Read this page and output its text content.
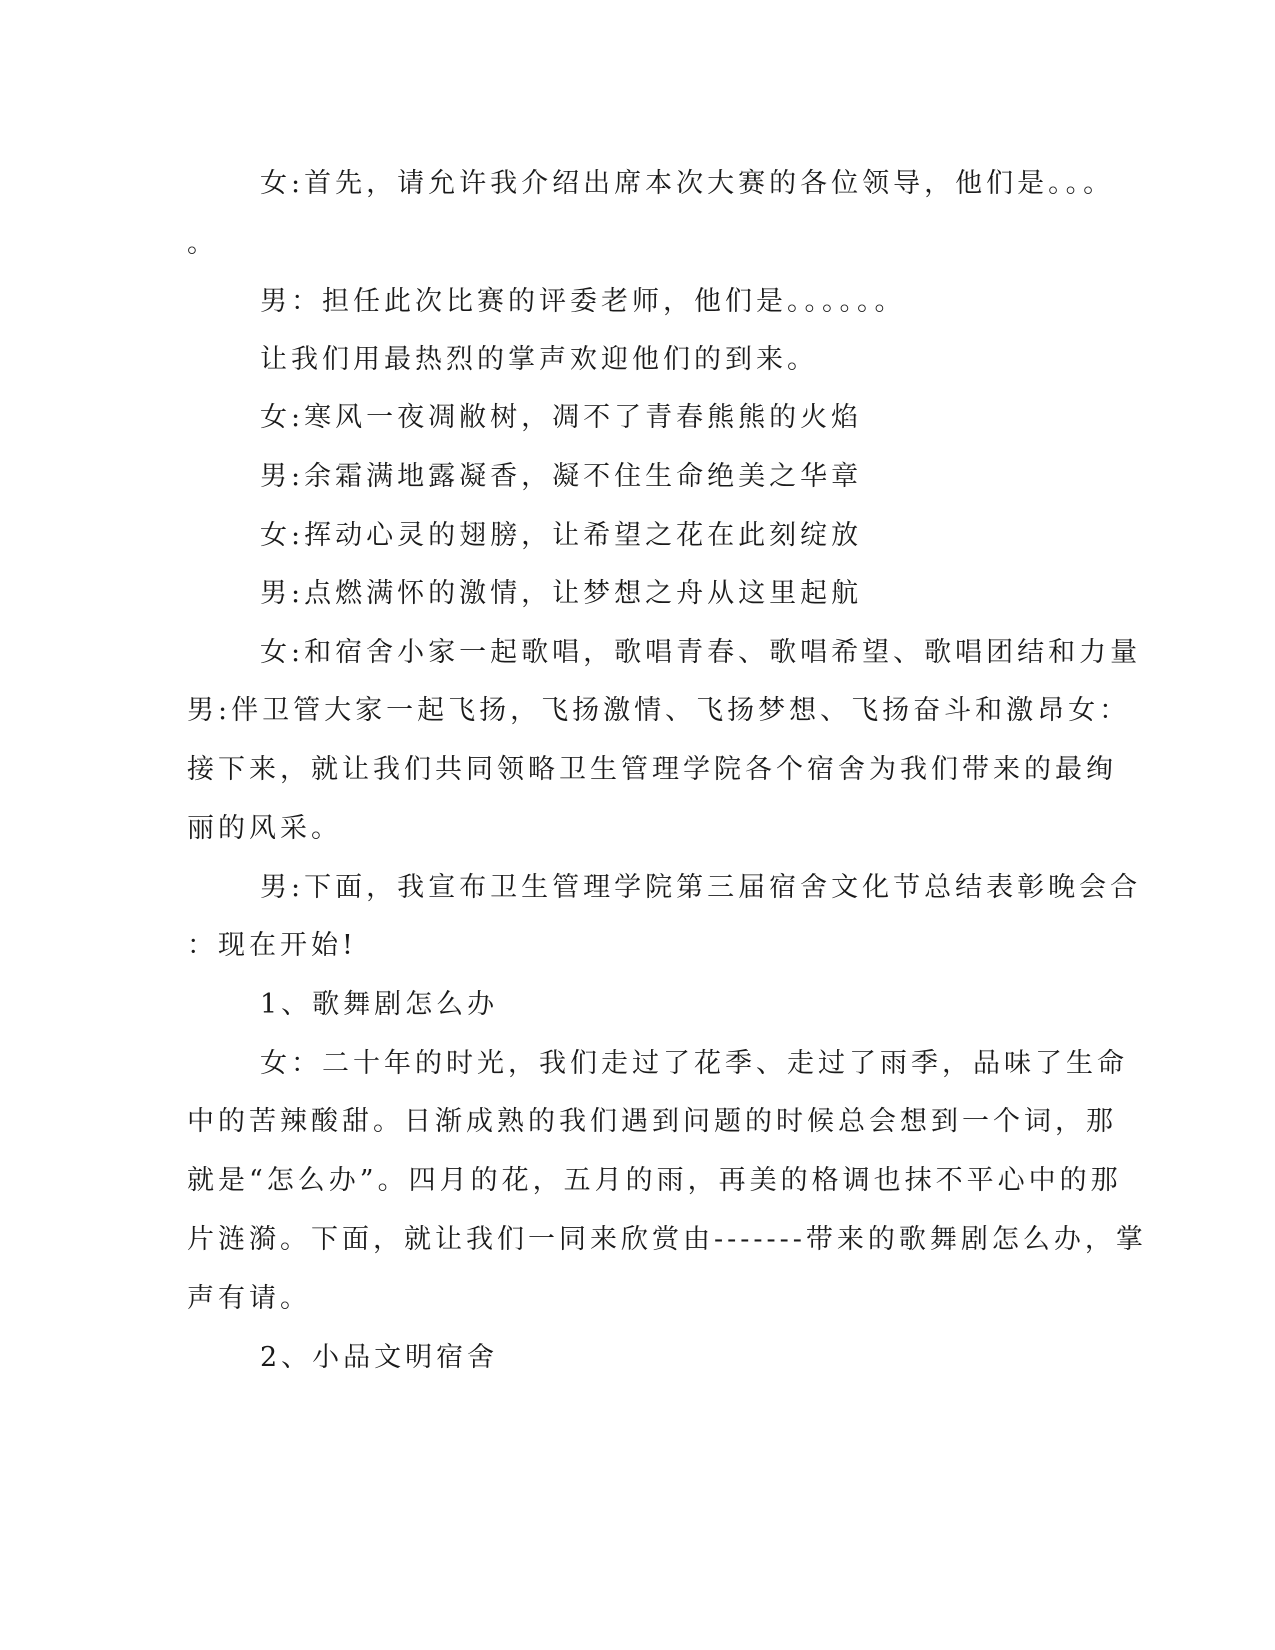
女:首先，请允许我介绍出席本次大赛的各位领导，他们是。。。
。
男：担任此次比赛的评委老师，他们是。。。。。。
让我们用最热烈的掌声欢迎他们的到来。
女:寒风一夜凋敝树，凋不了青春熊熊的火焰
男:余霜满地露凝香，凝不住生命绝美之华章
女:挥动心灵的翅膀，让希望之花在此刻绽放
男:点燃满怀的激情，让梦想之舟从这里起航
女:和宿舍小家一起歌唱，歌唱青春、歌唱希望、歌唱团结和力量
男:伴卫管大家一起飞扬，飞扬激情、飞扬梦想、飞扬奋斗和激昂女：
接下来，就让我们共同领略卫生管理学院各个宿舍为我们带来的最绚
丽的风采。
男:下面，我宣布卫生管理学院第三届宿舍文化节总结表彰晚会合
：现在开始!
1、歌舞剧怎么办
女：二十年的时光，我们走过了花季、走过了雨季，品味了生命
中的苦辣酸甜。日渐成熟的我们遇到问题的时候总会想到一个词，那
就是“怎么办”。四月的花，五月的雨，再美的格调也抹不平心中的那
片涟漪。下面，就让我们一同来欣赏由-------带来的歌舞剧怎么办，掌
声有请。
2、小品文明宿舍
